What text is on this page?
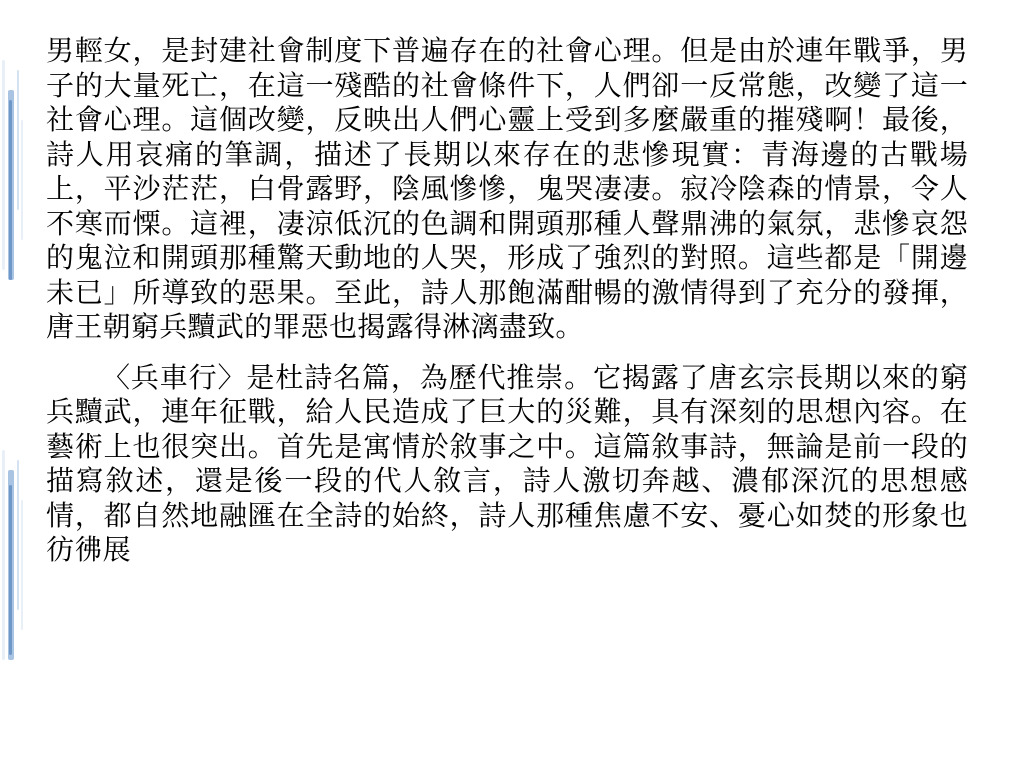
男輕女，是封建社會制度下普遍存在的社會心理。但是由於連年戰爭，男子的大量死亡，在這一殘酷的社會條件下，人們卻一反常態，改變了這一社會心理。這個改變，反映出人們心靈上受到多麼嚴重的摧殘啊！最後，詩人用哀痛的筆調，描述了長期以來存在的悲慘現實：青海邊的古戰場上，平沙茫茫，白骨露野，陰風慘慘，鬼哭凄凄。寂冷陰森的情景，令人不寒而慄。這裡，凄涼低沉的色調和開頭那種人聲鼎沸的氣氛，悲慘哀怨的鬼泣和開頭那種驚天動地的人哭，形成了強烈的對照。這些都是「開邊未已」所導致的惡果。至此，詩人那飽滿酣暢的激情得到了充分的發揮，唐王朝窮兵黷武的罪惡也揭露得淋漓盡致。

〈兵車行〉是杜詩名篇，為歷代推崇。它揭露了唐玄宗長期以來的窮兵黷武，連年征戰，給人民造成了巨大的災難，具有深刻的思想內容。在藝術上也很突出。首先是寓情於敘事之中。這篇敘事詩，無論是前一段的描寫敘述，還是後一段的代人敘言，詩人激切奔越、濃郁深沉的思想感情，都自然地融匯在全詩的始終，詩人那種焦慮不安、憂心如焚的形象也彷彿展
